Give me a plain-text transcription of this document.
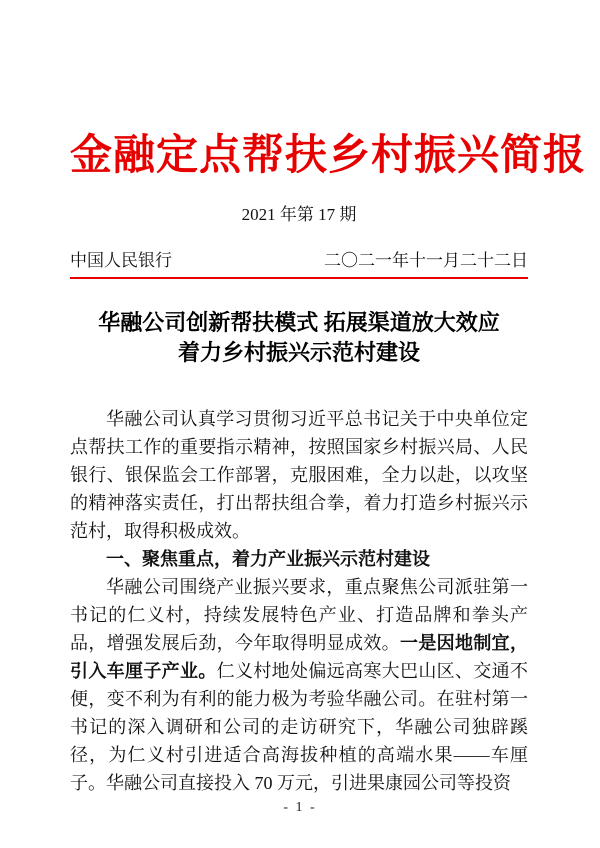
金融定点帮扶乡村振兴简报
2021 年第 17 期
中国人民银行	二〇二一年十一月二十二日
华融公司创新帮扶模式 拓展渠道放大效应
着力乡村振兴示范村建设

华融公司认真学习贯彻习近平总书记关于中央单位定点帮扶工作的重要指示精神，按照国家乡村振兴局、人民银行、银保监会工作部署，克服困难，全力以赴，以攻坚的精神落实责任，打出帮扶组合拳，着力打造乡村振兴示范村，取得积极成效。

一、聚焦重点，着力产业振兴示范村建设

华融公司围绕产业振兴要求，重点聚焦公司派驻第一书记的仁义村，持续发展特色产业、打造品牌和拳头产品，增强发展后劲，今年取得明显成效。一是因地制宜，引入车厘子产业。仁义村地处偏远高寒大巴山区、交通不便，变不利为有利的能力极为考验华融公司。在驻村第一书记的深入调研和公司的走访研究下，华融公司独辟蹊径，为仁义村引进适合高海拔种植的高端水果——车厘子。华融公司直接投入 70 万元，引进果康园公司等投资

- 1 -
